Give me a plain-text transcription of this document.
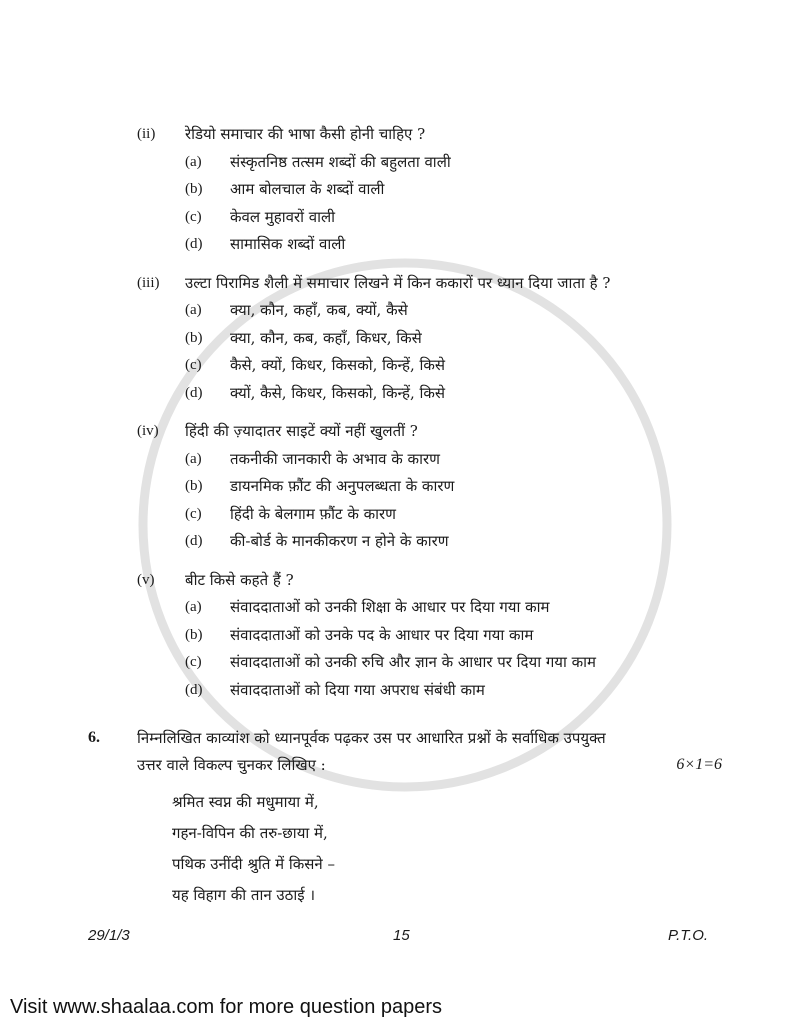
(ii) रेडियो समाचार की भाषा कैसी होनी चाहिए ?
(a) संस्कृतनिष्ठ तत्सम शब्दों की बहुलता वाली
(b) आम बोलचाल के शब्दों वाली
(c) केवल मुहावरों वाली
(d) सामासिक शब्दों वाली
(iii) उल्टा पिरामिड शैली में समाचार लिखने में किन ककारों पर ध्यान दिया जाता है ?
(a) क्या, कौन, कहाँ, कब, क्यों, कैसे
(b) क्या, कौन, कब, कहाँ, किधर, किसे
(c) कैसे, क्यों, किधर, किसको, किन्हें, किसे
(d) क्यों, कैसे, किधर, किसको, किन्हें, किसे
(iv) हिंदी की ज़्यादातर साइटें क्यों नहीं खुलतीं ?
(a) तकनीकी जानकारी के अभाव के कारण
(b) डायनमिक फ़ौंट की अनुपलब्धता के कारण
(c) हिंदी के बेलगाम फ़ौंट के कारण
(d) की-बोर्ड के मानकीकरण न होने के कारण
(v) बीट किसे कहते हैं ?
(a) संवाददाताओं को उनकी शिक्षा के आधार पर दिया गया काम
(b) संवाददाताओं को उनके पद के आधार पर दिया गया काम
(c) संवाददाताओं को उनकी रुचि और ज्ञान के आधार पर दिया गया काम
(d) संवाददाताओं को दिया गया अपराध संबंधी काम
6. निम्नलिखित काव्यांश को ध्यानपूर्वक पढ़कर उस पर आधारित प्रश्नों के सर्वाधिक उपयुक्त
उत्तर वाले विकल्प चुनकर लिखिए :	6×1=6
श्रमित स्वप्न की मधुमाया में,
गहन-विपिन की तरु-छाया में,
पथिक उनींदी श्रुति में किसने –
यह विहाग की तान उठाई ।
29/1/3	15	P.T.O.
Visit www.shaalaa.com for more question papers
